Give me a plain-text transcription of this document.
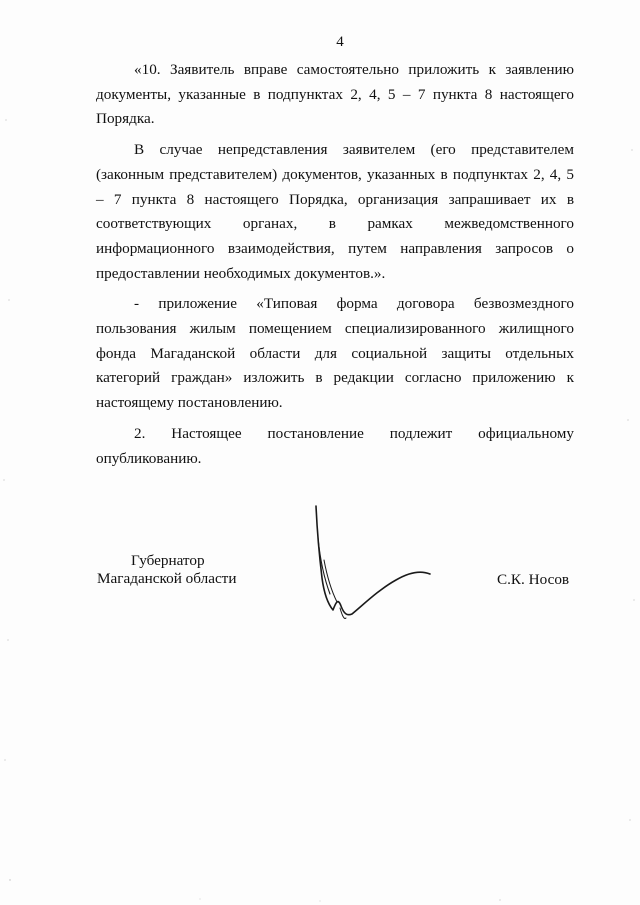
4

«10. Заявитель вправе самостоятельно приложить к заявлению документы, указанные в подпунктах 2, 4, 5 – 7 пункта 8 настоящего Порядка.

В случае непредставления заявителем (его представителем (законным представителем) документов, указанных в подпунктах 2, 4, 5 – 7 пункта 8 настоящего Порядка, организация запрашивает их в соответствующих органах, в рамках межведомственного информационного взаимодействия, путем направления запросов о предоставлении необходимых документов.».

- приложение «Типовая форма договора безвозмездного пользования жилым помещением специализированного жилищного фонда Магаданской области для социальной защиты отдельных категорий граждан» изложить в редакции согласно приложению к настоящему постановлению.

2. Настоящее постановление подлежит официальному опубликованию.

Губернатор
Магаданской области	С.К. Носов
